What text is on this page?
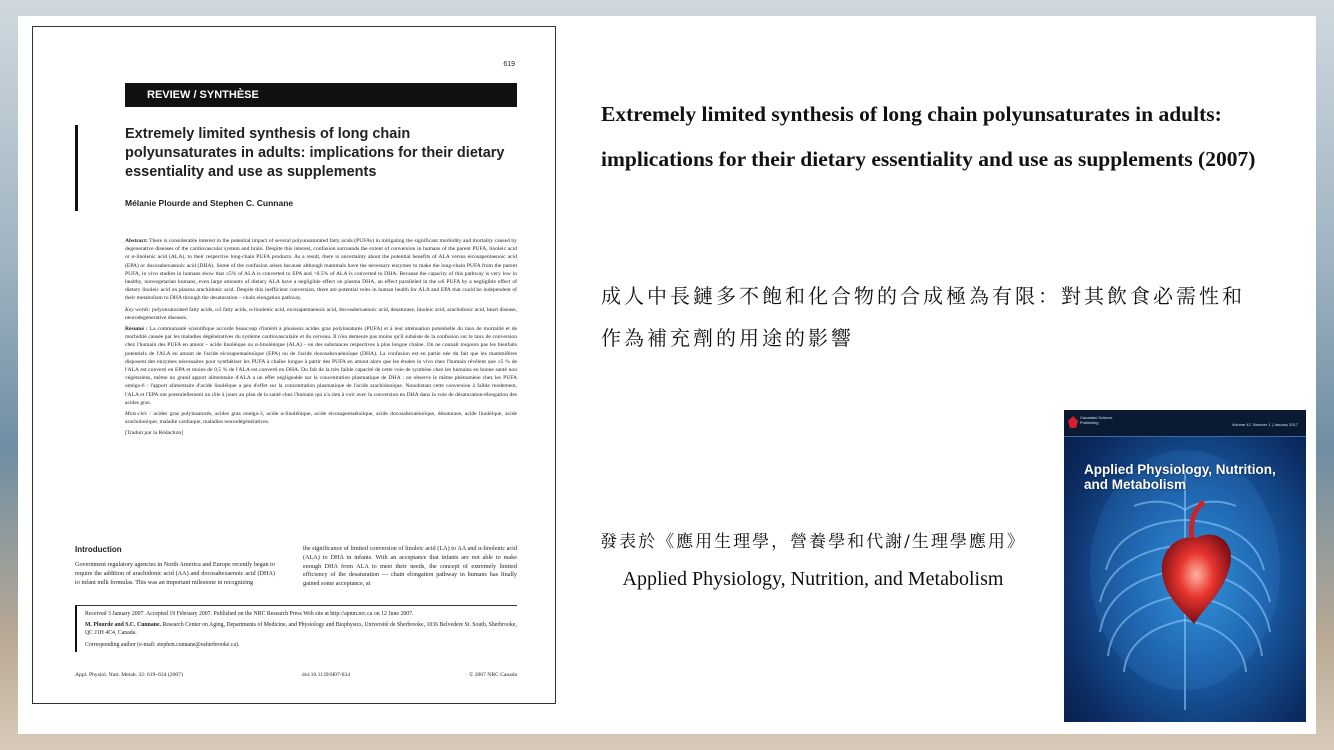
619
REVIEW / SYNTHÈSE
Extremely limited synthesis of long chain polyunsaturates in adults: implications for their dietary essentiality and use as supplements
Mélanie Plourde and Stephen C. Cunnane

Abstract: There is considerable interest in the potential impact of several polyunsaturated fatty acids (PUFAs) in mitigating the significant morbidity and mortality caused by degenerative diseases of the cardiovascular system and brain. Despite this interest, confusion surrounds the extent of conversion in humans of the parent PUFA, linoleic acid or α-linolenic acid (ALA), to their respective long-chain PUFA products. As a result, there is uncertainty about the potential benefits of ALA versus eicosapentaenoic acid (EPA) or docosahexaenoic acid (DHA). Some of the confusion arises because although mammals have the necessary enzymes to make the long-chain PUFA from the parent PUFA, in vivo studies in humans show that ≤5% of ALA is converted to EPA and <0.5% of ALA is converted to DHA. Because the capacity of this pathway is very low in healthy, nonvegetarian humans, even large amounts of dietary ALA have a negligible effect on plasma DHA, an effect paralleled in the ω6 PUFA by a negligible effect of dietary linoleic acid on plasma arachidonic acid. Despite this inefficient conversion, there are potential roles in human health for ALA and EPA that could be independent of their metabolism to DHA through the desaturation – chain elongation pathway.

Key words: polyunsaturated fatty acids, ω3 fatty acids, α-linolenic acid, eicosapentaenoic acid, docosahexaenoic acid, desaturase, linoleic acid, arachidonic acid, heart disease, neurodegenerative diseases.

Résumé : La communauté scientifique accorde beaucoup d'intérêt à plusieurs acides gras polyinsaturés (PUFA) et à leur atténuation potentielle du taux de mortalité et de morbidité causée par les maladies dégénératives du système cardiovasculaire et du cerveau. Il n'en demeure pas moins qu'il subsiste de la confusion sur le taux de conversion chez l'humain des PUFA en amont – acide linoléique ou α-linolénique (ALA) – en des substances respectives à plus longue chaîne. On ne connaît toujours pas les bienfaits potentiels de l'ALA en amont de l'acide eicosapentaénoïque (EPA) ou de l'acide docosahexaénoïque (DHA). La confusion est en partie née du fait que les mammifères disposent des enzymes nécessaires pour synthétiser les PUFA à chaîne longue à partir des PUFA en amont alors que les études in vivo chez l'humain révèlent que ≤5 % de l'ALA est converti en EPA et moins de 0,5 % de l'ALA est converti en DHA. Du fait de la très faible capacité de cette voie de synthèse chez les humains en bonne santé non végétariens, même un grand apport alimentaire d'ALA a un effet négligeable sur la concentration plasmatique de DHA ; on observe le même phénomène chez les PUFA oméga-6 : l'apport alimentaire d'acide linoléique a peu d'effet sur la concentration plasmatique de l'acide arachidonique. Nonobstant cette conversion à faible rendement, l'ALA et l'EPA ont potentiellement un rôle à jouer au plan de la santé chez l'humain qui n'a rien à voir avec la conversion en DHA dans la voie de désaturation-élongation des acides gras.

Mots-clés : acides gras polyinsaturés, acides gras oméga-3, acide α-linolénique, acide eicosapentaénoïque, acide docosahexaénoïque, désaturase, acide linoléique, acide arachidonique, maladie cardiaque, maladies neurodégénératives.

[Traduit par la Rédaction]

Introduction
Government regulatory agencies in North America and Europe recently began to require the addition of arachidonic acid (AA) and docosahexaenoic acid (DHA) to infant milk formulas. This was an important milestone in recognizing
the significance of limited conversion of linoleic acid (LA) to AA and α-linolenic acid (ALA) to DHA in infants. With an acceptance that infants are not able to make enough DHA from ALA to meet their needs, the concept of extremely limited efficiency of the desaturation — chain elongation pathway in humans has finally gained some acceptance, at

Received 3 January 2007. Accepted 19 February 2007. Published on the NRC Research Press Web site at http://apnm.nrc.ca on 12 June 2007.

M. Plourde and S.C. Cunnane. Research Center on Aging, Departments of Medicine, and Physiology and Biophysics, Université de Sherbrooke, 1036 Belvedere St. South, Sherbrooke, QC J1H 4C4, Canada.

Corresponding author (e-mail: stephen.cunnane@usherbrooke.ca).

Appl. Physiol. Nutr. Metab. 32: 619–634 (2007)	doi:10.1139/H07-034	© 2007 NRC Canada
Extremely limited synthesis of long chain polyunsaturates in adults: implications for their dietary essentiality and use as supplements (2007)
成人中長鏈多不飽和化合物的合成極為有限：對其飲食必需性和作為補充劑的用途的影響
發表於《應用生理學，營養學和代謝/生理學應用》
Applied Physiology, Nutrition, and Metabolism
Canadian Science Publishing	Volume 42, Number 1 | January 2017
Applied Physiology, Nutrition, and Metabolism
